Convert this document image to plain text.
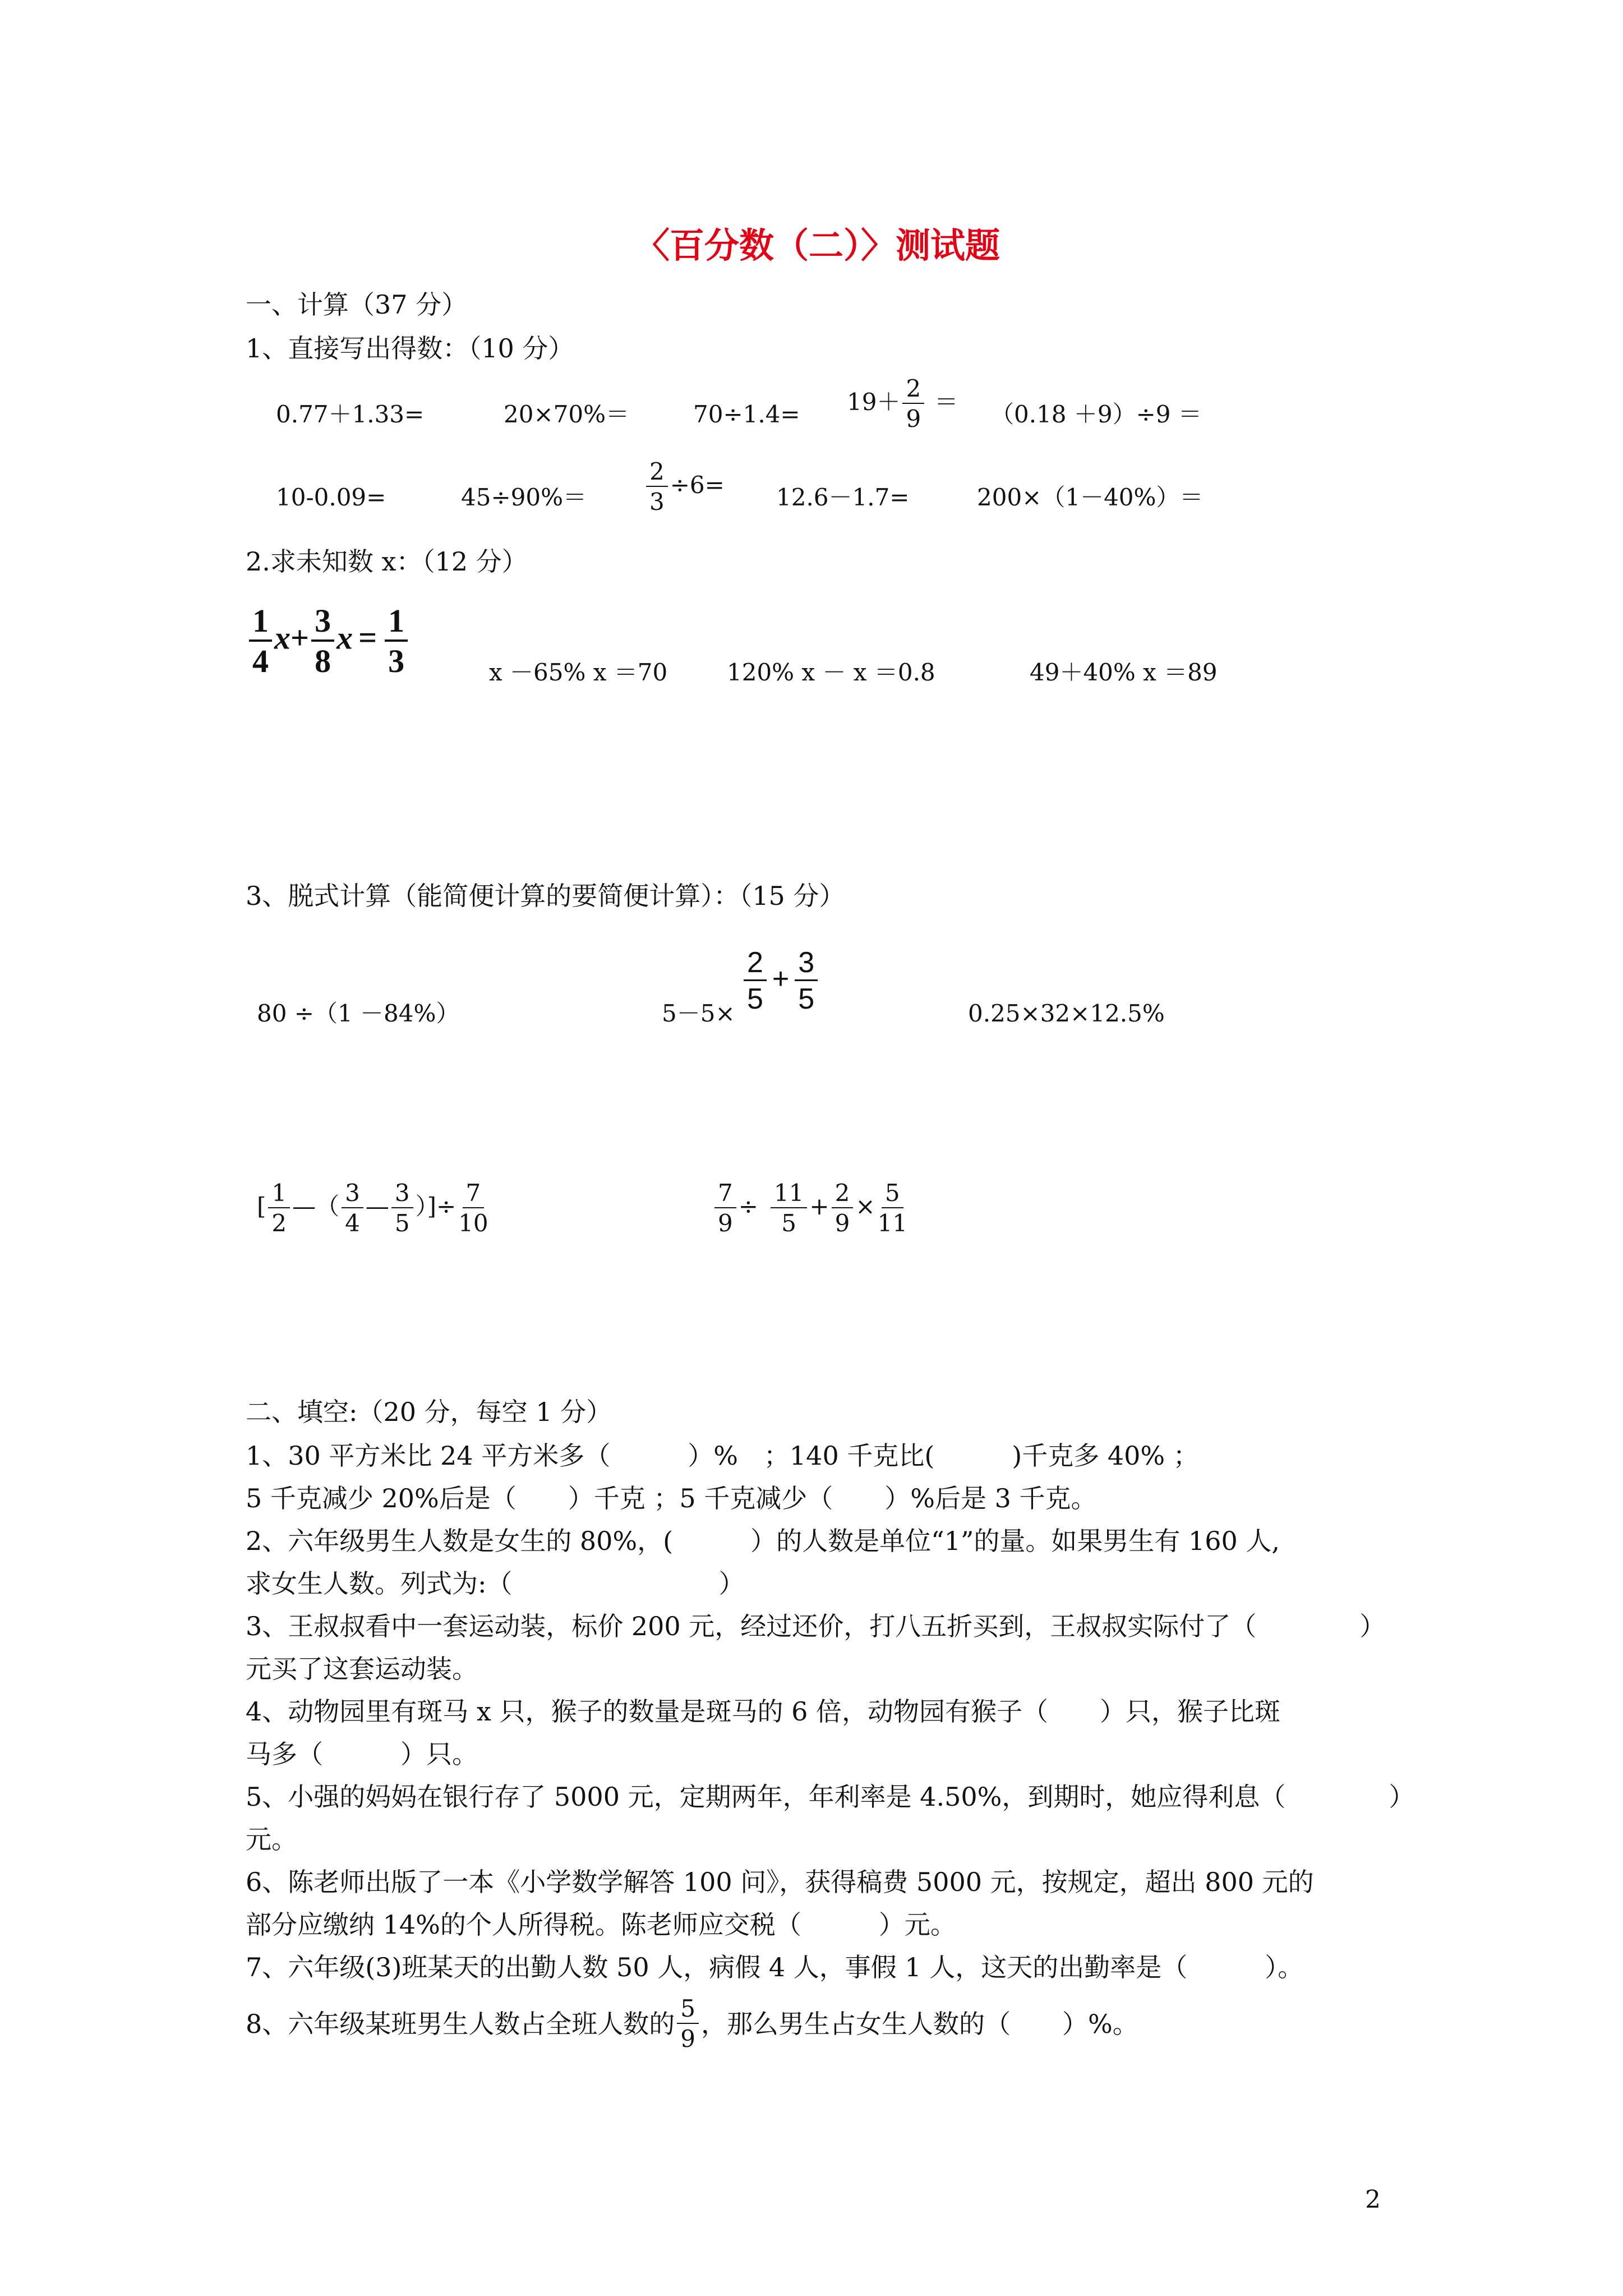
〈百分数（二）〉测试题
一、计算（37 分）
1、直接写出得数：（10 分）
0.77＋1.33=	20×70%＝	$70\div 1.4= 19+ \frac{2}{9} = (0.18 +9)\div 9$ ＝
10-0.09=	45÷90%＝	$\frac{2}{3} \div 6= 12.6-1.7=$	200×（1－40%）＝
2.求未知数 x：（12 分）
$\frac{1}{4} x+ \frac{3}{8}$ $x = \frac{1}{3}$	x －65% x ＝70	120% x － x ＝0.8	49＋40% x ＝89
3、脱式计算（能简便计算的要简便计算）：（15 分）
80 ÷（1 －84%）	$5-5\times \frac{2}{5} + \frac{3}{5}$	0.25×32×12.5%
[ $\frac{1}{2}$ —（ $\frac{3}{4}$ — $\frac{3}{5}$ ）]÷ $\frac{7}{10}$	$\frac{7}{9} \div \frac{11}{5} + \frac{2}{9} \times \frac{5}{11}$
二、填空:（20 分，每空 1 分）
1、30 平方米比 24 平方米多（　　　）%　；140 千克比(　　　)千克多 40% ；
5 千克减少 20%后是（　　）千克 ；5 千克减少（　　）%后是 3 千克。
2、六年级男生人数是女生的 80%，(　　　）的人数是单位“1”的量。如果男生有 160 人,
求女生人数。列式为:（　　　　　　　　）
3、王叔叔看中一套运动装，标价 200 元，经过还价，打八五折买到，王叔叔实际付了（　　　　）
元买了这套运动装。
4、动物园里有斑马 x 只，猴子的数量是斑马的 6 倍，动物园有猴子（　　）只，猴子比斑
马多（　　　）只。
5、小强的妈妈在银行存了 5000 元，定期两年，年利率是 4.50%，到期时，她应得利息（　　　　）
元。
6、陈老师出版了一本《小学数学解答 100 问》，获得稿费 5000 元，按规定，超出 800 元的
部分应缴纳 14%的个人所得税。陈老师应交税（　　　）元。
7、六年级(3)班某天的出勤人数 50 人，病假 4 人，事假 1 人，这天的出勤率是（　　　）。
8、六年级某班男生人数占全班人数的 $\frac{5}{9}$ ，那么男生占女生人数的（　　）%。
2
